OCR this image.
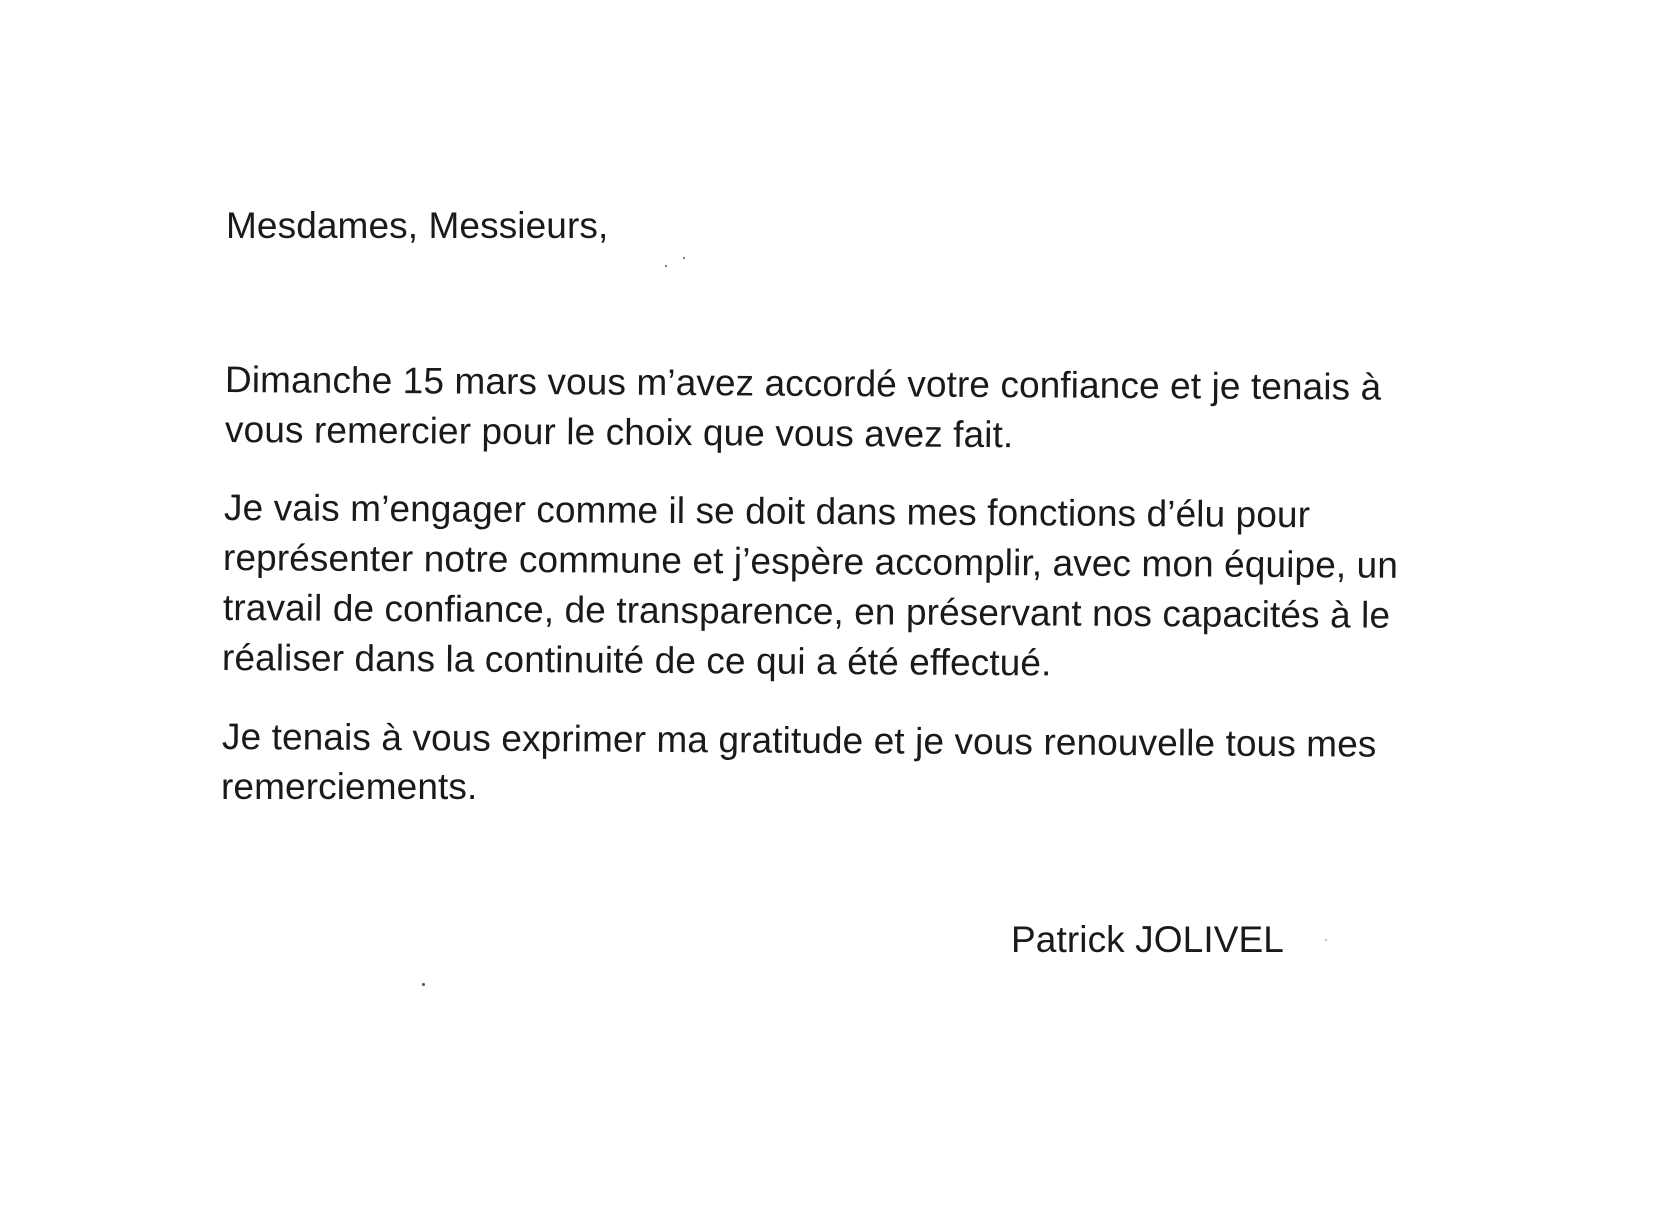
Mesdames, Messieurs,

Dimanche 15 mars vous m’avez accordé votre confiance et je tenais à

vous remercier pour le choix que vous avez fait.

Je vais m’engager comme il se doit dans mes fonctions d’élu pour

représenter notre commune et j’espère accomplir, avec mon équipe, un

travail de confiance, de transparence, en préservant nos capacités à le

réaliser dans la continuité de ce qui a été effectué.

Je tenais à vous exprimer ma gratitude et je vous renouvelle tous mes

remerciements.

Patrick JOLIVEL
